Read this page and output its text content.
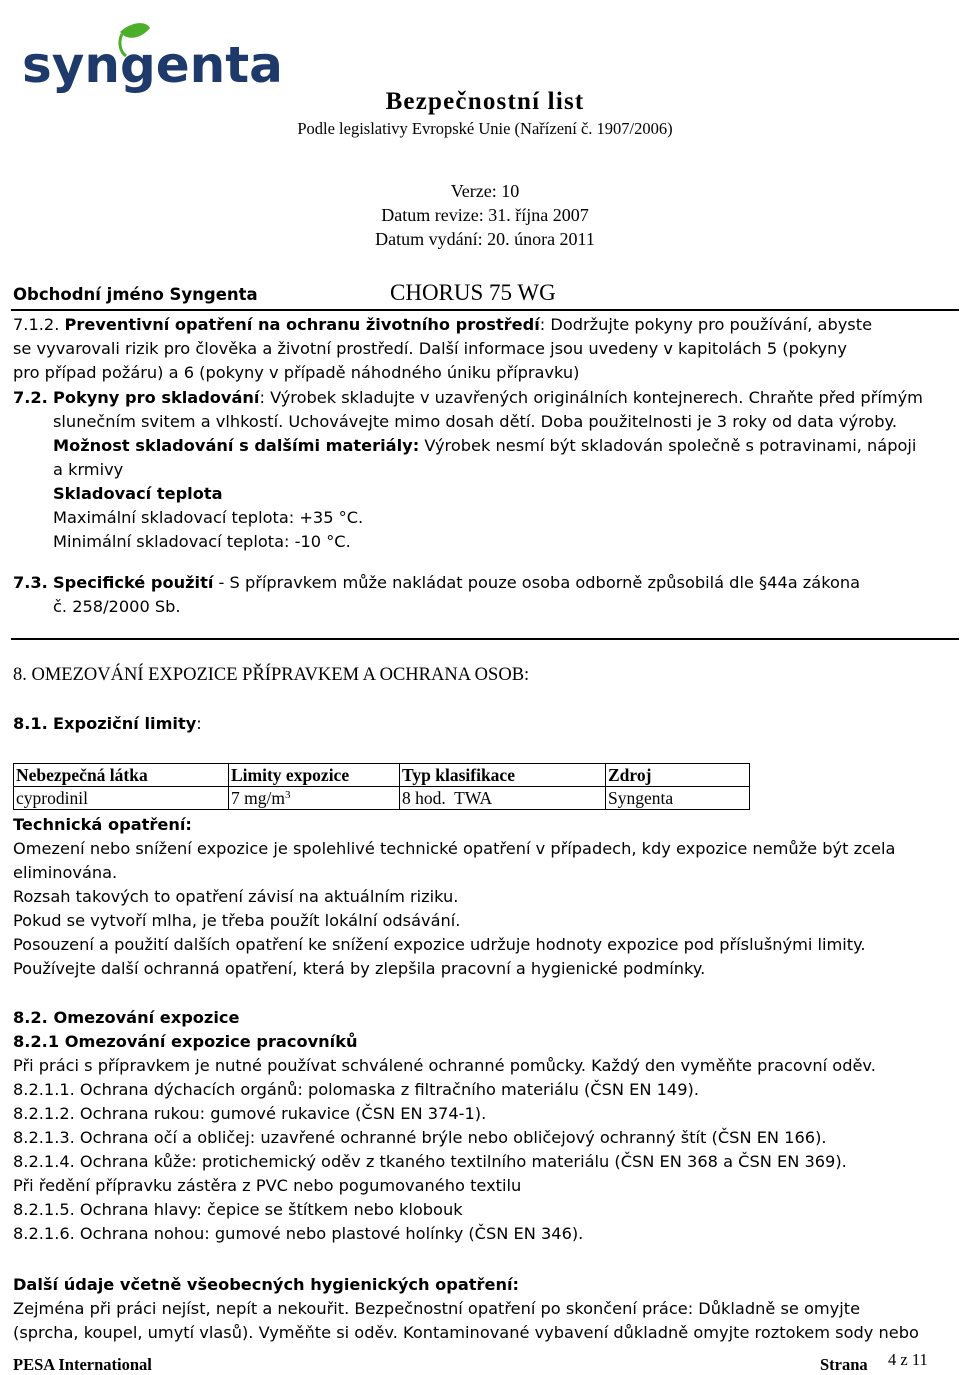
syngenta
Bezpečnostní list
Podle legislativy Evropské Unie (Nařízení č. 1907/2006)
Verze: 10
Datum revize: 31. října 2007
Datum vydání: 20. února 2011
Obchodní jméno Syngenta	CHORUS 75 WG
7.1.2. Preventivní opatření na ochranu životního prostředí: Dodržujte pokyny pro používání, abyste
se vyvarovali rizik pro člověka a životní prostředí. Další informace jsou uvedeny v kapitolách 5 (pokyny
pro případ požáru) a 6 (pokyny v případě náhodného úniku přípravku)
7.2. Pokyny pro skladování: Výrobek skladujte v uzavřených originálních kontejnerech. Chraňte před přímým
slunečním svitem a vlhkostí. Uchovávejte mimo dosah dětí. Doba použitelnosti je 3 roky od data výroby.
Možnost skladování s dalšími materiály: Výrobek nesmí být skladován společně s potravinami, nápoji
a krmivy
Skladovací teplota
Maximální skladovací teplota: +35 °C.
Minimální skladovací teplota: -10 °C.
7.3. Specifické použití - S přípravkem může nakládat pouze osoba odborně způsobilá dle §44a zákona
č. 258/2000 Sb.
8. OMEZOVÁNÍ EXPOZICE PŘÍPRAVKEM A OCHRANA OSOB:
8.1. Expoziční limity:
Nebezpečná látka	Limity expozice	Typ klasifikace	Zdroj
cyprodinil	7 $mg/m^3$	8 hod.  TWA	Syngenta
Technická opatření:
Omezení nebo snížení expozice je spolehlivé technické opatření v případech, kdy expozice nemůže být zcela
eliminována.
Rozsah takových to opatření závisí na aktuálním riziku.
Pokud se vytvoří mlha, je třeba použít lokální odsávání.
Posouzení a použití dalších opatření ke snížení expozice udržuje hodnoty expozice pod příslušnými limity.
Používejte další ochranná opatření, která by zlepšila pracovní a hygienické podmínky.
8.2. Omezování expozice
8.2.1 Omezování expozice pracovníků
Při práci s přípravkem je nutné používat schválené ochranné pomůcky. Každý den vyměňte pracovní oděv.
8.2.1.1. Ochrana dýchacích orgánů: polomaska z filtračního materiálu (ČSN EN 149).
8.2.1.2. Ochrana rukou: gumové rukavice (ČSN EN 374-1).
8.2.1.3. Ochrana očí a obličej: uzavřené ochranné brýle nebo obličejový ochranný štít (ČSN EN 166).
8.2.1.4. Ochrana kůže: protichemický oděv z tkaného textilního materiálu (ČSN EN 368 a ČSN EN 369).
Při ředění přípravku zástěra z PVC nebo pogumovaného textilu
8.2.1.5. Ochrana hlavy: čepice se štítkem nebo klobouk
8.2.1.6. Ochrana nohou: gumové nebo plastové holínky (ČSN EN 346).
Další údaje včetně všeobecných hygienických opatření:
Zejména při práci nejíst, nepít a nekouřit. Bezpečnostní opatření po skončení práce: Důkladně se omyjte
(sprcha, koupel, umytí vlasů). Vyměňte si oděv. Kontaminované vybavení důkladně omyjte roztokem sody nebo
PESA International	Strana 4 z 11
